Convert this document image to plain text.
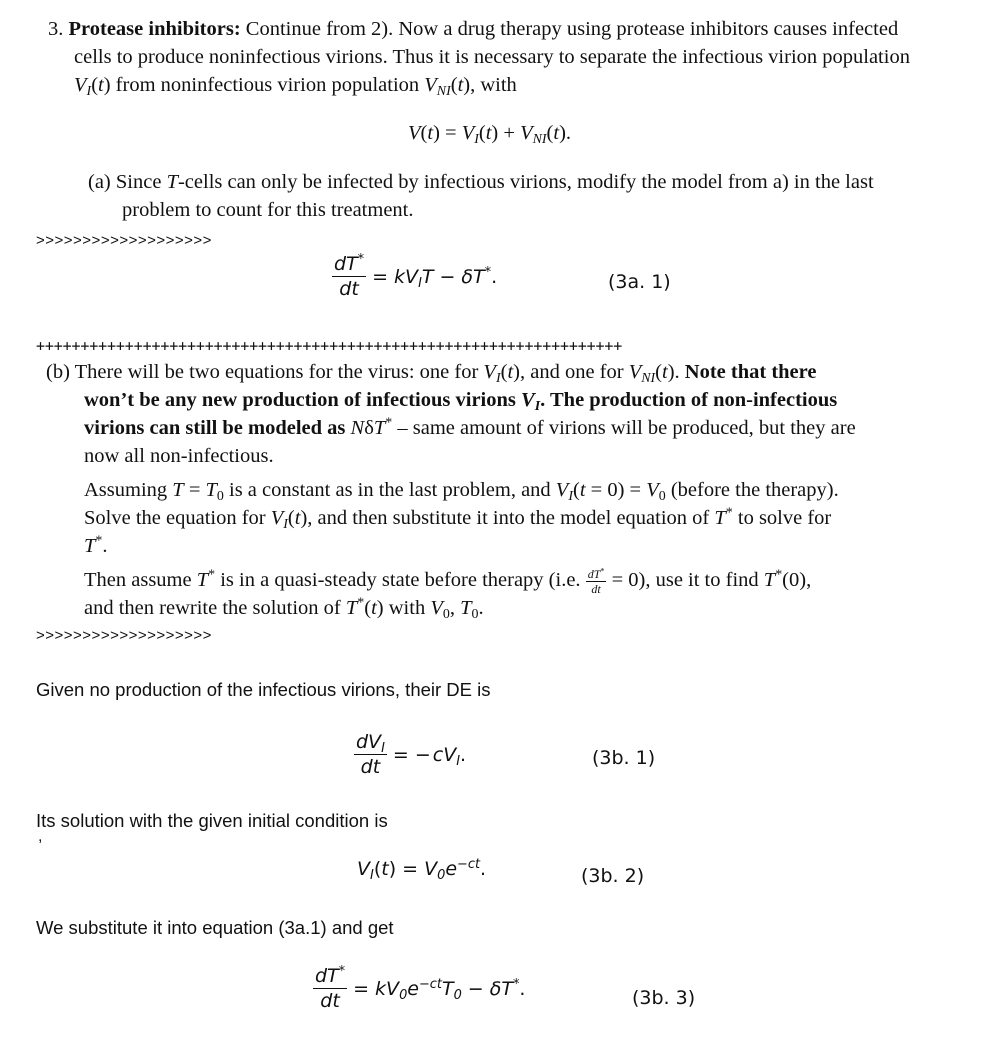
3. Protease inhibitors: Continue from 2). Now a drug therapy using protease inhibitors causes infected
cells to produce noninfectious virions. Thus it is necessary to separate the infectious virion population
$V_I(t)$ from noninfectious virion population $V_{NI}(t)$, with
$V(t) = V_I(t) + V_{NI}(t)$.
(a) Since T-cells can only be infected by infectious virions, modify the model from a) in the last
problem to count for this treatment.
>>>>>>>>>>>>>>>>>>>
$\frac{dT^*}{dt} = kV_IT - \delta T^*$.	(3a. 1)
++++++++++++++++++++++++++++++++++++++++++++++++++++++++++++++++++
(b) There will be two equations for the virus: one for $V_I(t)$, and one for $V_{NI}(t)$. Note that there
won’t be any new production of infectious virions $V_I$. The production of non-infectious
virions can still be modeled as NδT* – same amount of virions will be produced, but they are
now all non-infectious.
Assuming $T = T_0$ is a constant as in the last problem, and $V_I(t = 0) = V_0$ (before the therapy).
Solve the equation for $V_I(t)$, and then substitute it into the model equation of T* to solve for
T*.
Then assume T* is in a quasi-steady state before therapy (i.e. $\frac{dT^*}{dt} = 0$), use it to find T*(0),
and then rewrite the solution of T*(t) with $V_0$, $T_0$.
>>>>>>>>>>>>>>>>>>>
Given no production of the infectious virions, their DE is
$\frac{dV_I}{dt}$ = − $cV_I$.	(3b. 1)
Its solution with the given initial condition is
,
$V_I(t) = V_0e^{-ct}$.	(3b. 2)
We substitute it into equation (3a.1) and get
$\frac{dT^*}{dt} = kV_0e^{-ct}T_0 - \delta T^*$.	(3b. 3)
